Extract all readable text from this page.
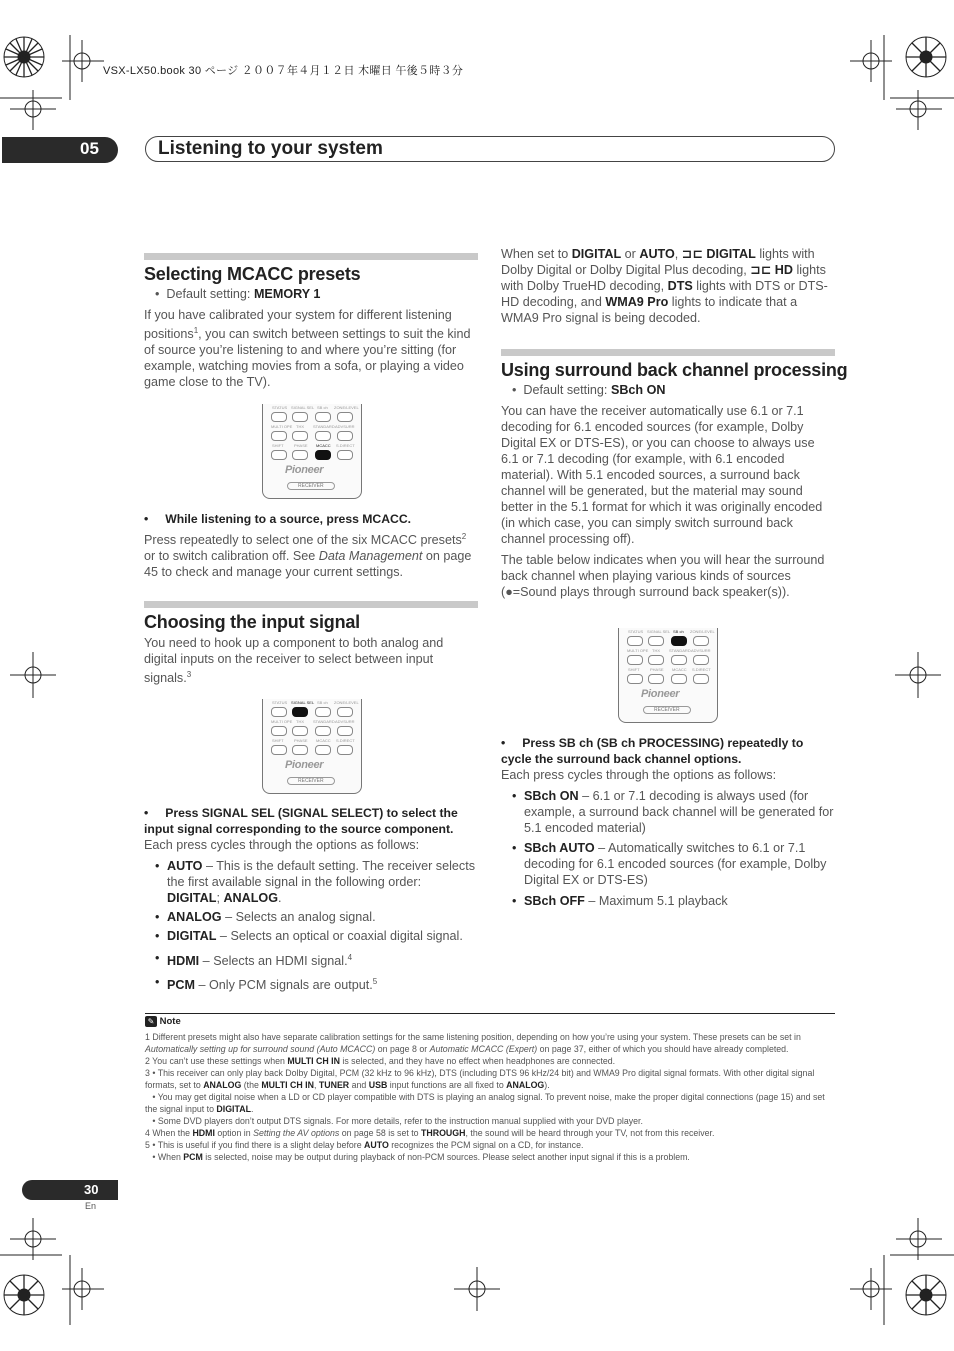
VSX-LX50.book 30 ページ ２００７年４月１２日 木曜日 午後５時３分
05	Listening to your system
Selecting MCACC presets
•  Default setting: MEMORY 1
If you have calibrated your system for different listening positions$^1$, you can switch between settings to suit the kind of source you’re listening to and where you’re sitting (for example, watching movies from a sofa, or playing a video game close to the TV).
STATUS SIGNAL SEL SB ch ZONE/LEVEL
MULTI OPE THX STANDARD ADVSURR
SHIFT	PHASE MCACC S.DIRECT
Pioneer
RECEIVER
•     While listening to a source, press MCACC.
Press repeatedly to select one of the six MCACC presets$^2$ or to switch calibration off. See Data Management on page 45 to check and manage your current settings.
Choosing the input signal
You need to hook up a component to both analog and digital inputs on the receiver to select between input signals.$^3$
STATUS SIGNAL SEL SB ch ZONE/LEVEL
MULTI OPE THX STANDARD ADVSURR
SHIFT	PHASE MCACC S.DIRECT
Pioneer
RECEIVER
•     Press SIGNAL SEL (SIGNAL SELECT) to select the input signal corresponding to the source component.
Each press cycles through the options as follows:
• AUTO – This is the default setting. The receiver selects the first available signal in the following order: DIGITAL; ANALOG.
• ANALOG – Selects an analog signal.
• DIGITAL – Selects an optical or coaxial digital signal.
• HDMI – Selects an HDMI signal.$^4$
• PCM – Only PCM signals are output.$^5$
When set to DIGITAL or AUTO, ⊐⊏ DIGITAL lights with Dolby Digital or Dolby Digital Plus decoding, ⊐⊏ HD lights with Dolby TrueHD decoding, DTS lights with DTS or DTS-HD decoding, and WMA9 Pro lights to indicate that a WMA9 Pro signal is being decoded.
Using surround back channel processing
•  Default setting: SBch ON
You can have the receiver automatically use 6.1 or 7.1 decoding for 6.1 encoded sources (for example, Dolby Digital EX or DTS-ES), or you can choose to always use 6.1 or 7.1 decoding (for example, with 6.1 encoded material). With 5.1 encoded sources, a surround back channel will be generated, but the material may sound better in the 5.1 format for which it was originally encoded (in which case, you can simply switch surround back channel processing off).
The table below indicates when you will hear the surround back channel when playing various kinds of sources (●=Sound plays through surround back speaker(s)).
STATUS SIGNAL SEL SB ch ZONE/LEVEL
MULTI OPE THX STANDARD ADVSURR
SHIFT	PHASE MCACC S.DIRECT
Pioneer
RECEIVER
•     Press SB ch (SB ch PROCESSING) repeatedly to cycle the surround back channel options.
Each press cycles through the options as follows:
• SBch ON – 6.1 or 7.1 decoding is always used (for example, a surround back channel will be generated for 5.1 encoded material)
• SBch AUTO – Automatically switches to 6.1 or 7.1 decoding for 6.1 encoded sources (for example, Dolby Digital EX or DTS-ES)
• SBch OFF – Maximum 5.1 playback
✎ Note
1 Different presets might also have separate calibration settings for the same listening position, depending on how you’re using your system. These presets can be set in Automatically setting up for surround sound (Auto MCACC) on page 8 or Automatic MCACC (Expert) on page 37, either of which you should have already completed.
2 You can’t use these settings when MULTI CH IN is selected, and they have no effect when headphones are connected.
3 • This receiver can only play back Dolby Digital, PCM (32 kHz to 96 kHz), DTS (including DTS 96 kHz/24 bit) and WMA9 Pro digital signal formats. With other digital signal formats, set to ANALOG (the MULTI CH IN, TUNER and USB input functions are all fixed to ANALOG).
• You may get digital noise when a LD or CD player compatible with DTS is playing an analog signal. To prevent noise, make the proper digital connections (page 15) and set the signal input to DIGITAL.
• Some DVD players don’t output DTS signals. For more details, refer to the instruction manual supplied with your DVD player.
4 When the HDMI option in Setting the AV options on page 58 is set to THROUGH, the sound will be heard through your TV, not from this receiver.
5 • This is useful if you find there is a slight delay before AUTO recognizes the PCM signal on a CD, for instance.
• When PCM is selected, noise may be output during playback of non-PCM sources. Please select another input signal if this is a problem.
30
En
